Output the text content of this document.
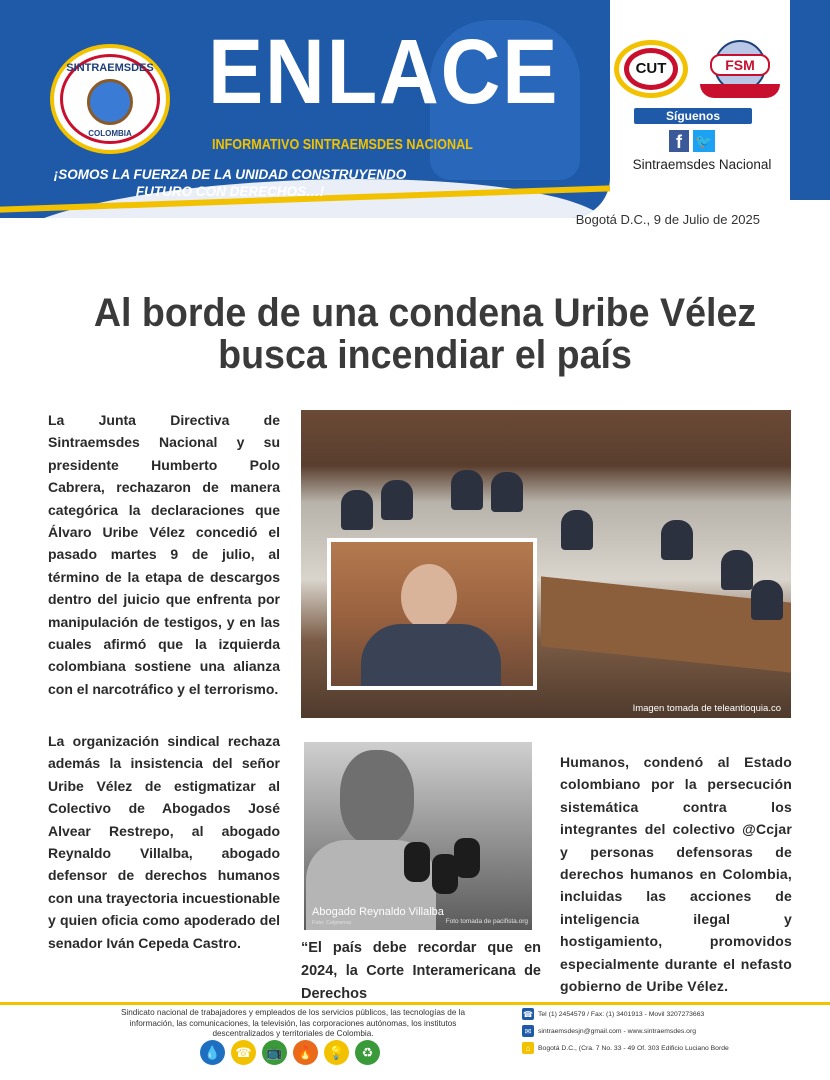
SINTRAEMSDES
COLOMBIA
ENLACE
INFORMATIVO SINTRAEMSDES NACIONAL
¡SOMOS LA FUERZA DE LA UNIDAD CONSTRUYENDO FUTURO CON DERECHOS…!
CUT	FSM
Síguenos
f 🐦
Sintraemsdes Nacional
Bogotá D.C., 9 de Julio de 2025
Al borde de una condena Uribe Vélez busca incendiar el país

La Junta Directiva de Sintraemsdes Nacional y su presidente Humberto Polo Cabrera, rechazaron de manera categórica la declaraciones que Álvaro Uribe Vélez concedió el pasado martes 9 de julio, al término de la etapa de descargos dentro del juicio que enfrenta por manipulación de testigos, y en las cuales afirmó que la izquierda colombiana sostiene una alianza con el narcotráfico y el terrorismo.

Imagen tomada de teleantioquia.co

La organización sindical rechaza además la insistencia del señor Uribe Vélez de estigmatizar al Colectivo de Abogados José Alvear Restrepo, al abogado Reynaldo Villalba, abogado defensor de derechos humanos con una trayectoria incuestionable y quien oficia como apoderado del senador Iván Cepeda Castro.

Abogado Reynaldo Villalba
Foto: Colprensa	Foto tomada de pacifista.org

“El país debe recordar que en 2024, la Corte Interamericana de Derechos

Humanos, condenó al Estado colombiano por la persecución sistemática contra los integrantes del colectivo @Ccjar y personas defensoras de derechos humanos en Colombia, incluidas las acciones de inteligencia ilegal y hostigamiento, promovidos especialmente durante el nefasto gobierno de Uribe Vélez.

Sindicato nacional de trabajadores y empleados de los servicios públicos, las tecnologías de la información, las comunicaciones, la televisión, las corporaciones autónomas, los institutos descentralizados y territoriales de Colombia.

💧	☎	📺	🔥	💡	♻
☎ Tel (1) 2454579 / Fax: (1) 3401913 - Movil 3207273663
✉ sintraemsdesjn@gmail.com - www.sintraemsdes.org
⌂	Bogotá D.C., (Cra. 7 No. 33 - 49 Of. 303 Edificio Luciano Borde
